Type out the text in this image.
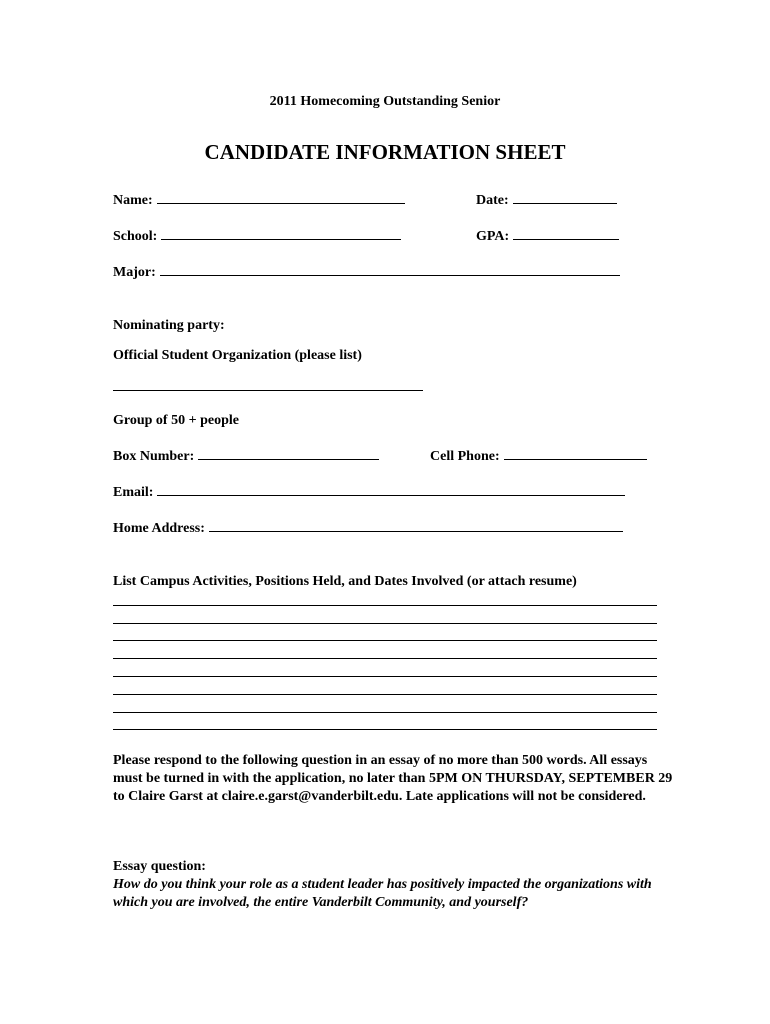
2011 Homecoming Outstanding Senior
CANDIDATE INFORMATION SHEET
Name:	Date:
School:	GPA:
Major:
Nominating party:
Official Student Organization (please list)
Group of 50 + people
Box Number:	Cell Phone:
Email:
Home Address:
List Campus Activities, Positions Held, and Dates Involved (or attach resume)
Please respond to the following question in an essay of no more than 500 words. All essays must be turned in with the application, no later than 5PM ON THURSDAY, SEPTEMBER 29 to Claire Garst at claire.e.garst@vanderbilt.edu. Late applications will not be considered.
Essay question:
How do you think your role as a student leader has positively impacted the organizations with which you are involved, the entire Vanderbilt Community, and yourself?
